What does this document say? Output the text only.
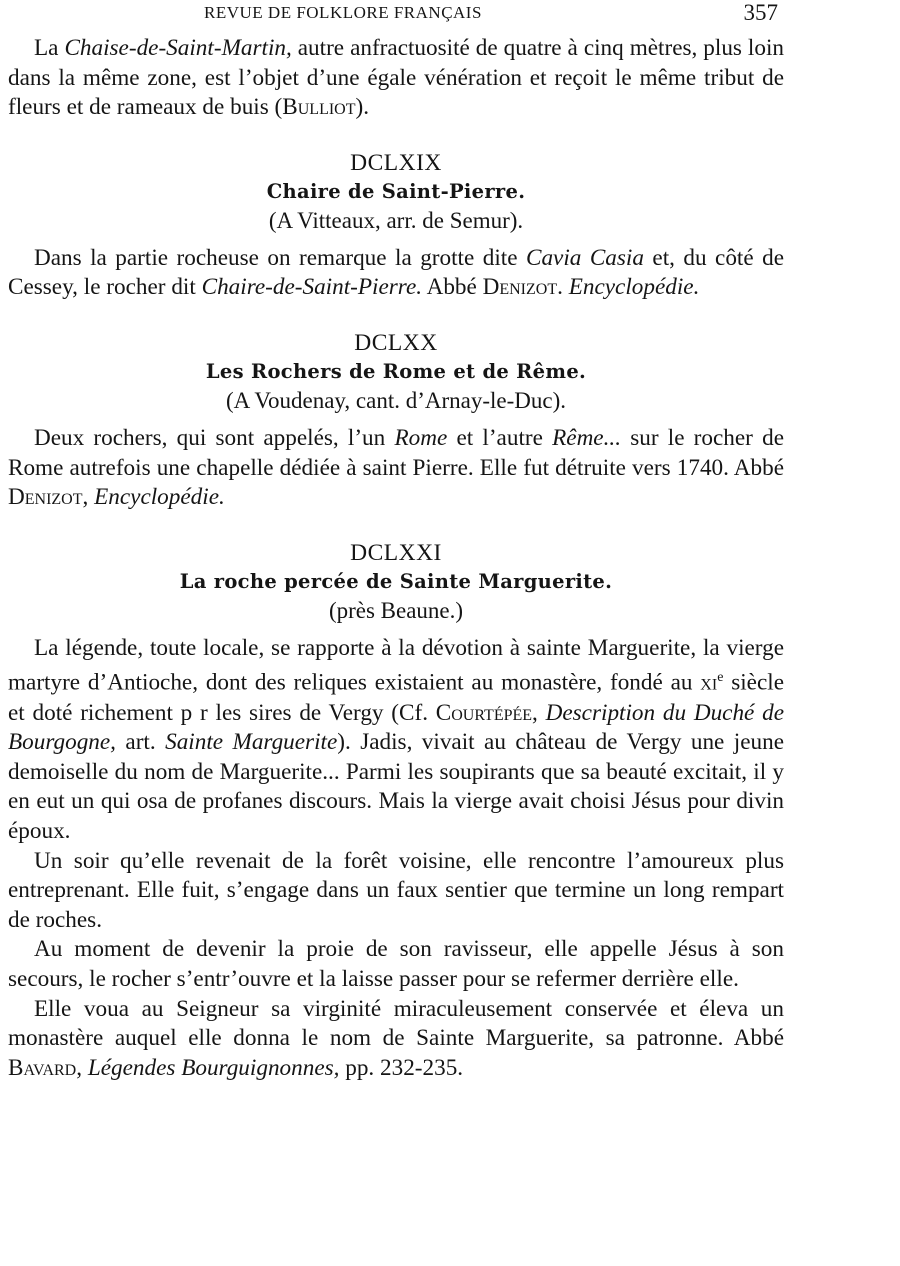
REVUE DE FOLKLORE FRANÇAIS	357

La Chaise-de-Saint-Martin, autre anfractuosité de quatre à cinq mètres, plus loin dans la même zone, est l’objet d’une égale vénération et reçoit le même tribut de fleurs et de rameaux de buis (Bulliot).

DCLXIX
Chaire de Saint-Pierre.
(A Vitteaux, arr. de Semur).

Dans la partie rocheuse on remarque la grotte dite Cavia Casia et, du côté de Cessey, le rocher dit Chaire-de-Saint-Pierre. Abbé Denizot. Encyclopédie.

DCLXX
Les Rochers de Rome et de Rême.
(A Voudenay, cant. d’Arnay-le-Duc).

Deux rochers, qui sont appelés, l’un Rome et l’autre Rême... sur le rocher de Rome autrefois une chapelle dédiée à saint Pierre. Elle fut détruite vers 1740. Abbé Denizot, Encyclopédie.

DCLXXI
La roche percée de Sainte Marguerite.
(près Beaune.)

La légende, toute locale, se rapporte à la dévotion à sainte Marguerite, la vierge martyre d’Antioche, dont des reliques existaient au monastère, fondé au $xi^e$ siècle et doté richement p r les sires de Vergy (Cf. Courtépée, Description du Duché de Bourgogne, art. Sainte Marguerite). Jadis, vivait au château de Vergy une jeune demoiselle du nom de Marguerite... Parmi les soupirants que sa beauté excitait, il y en eut un qui osa de profanes discours. Mais la vierge avait choisi Jésus pour divin époux.

Un soir qu’elle revenait de la forêt voisine, elle rencontre l’amoureux plus entreprenant. Elle fuit, s’engage dans un faux sentier que termine un long rempart de roches.

Au moment de devenir la proie de son ravisseur, elle appelle Jésus à son secours, le rocher s’entr’ouvre et la laisse passer pour se refermer derrière elle.

Elle voua au Seigneur sa virginité miraculeusement conservée et éleva un monastère auquel elle donna le nom de Sainte Marguerite, sa patronne. Abbé Bavard, Légendes Bourguignonnes, pp. 232-235.
